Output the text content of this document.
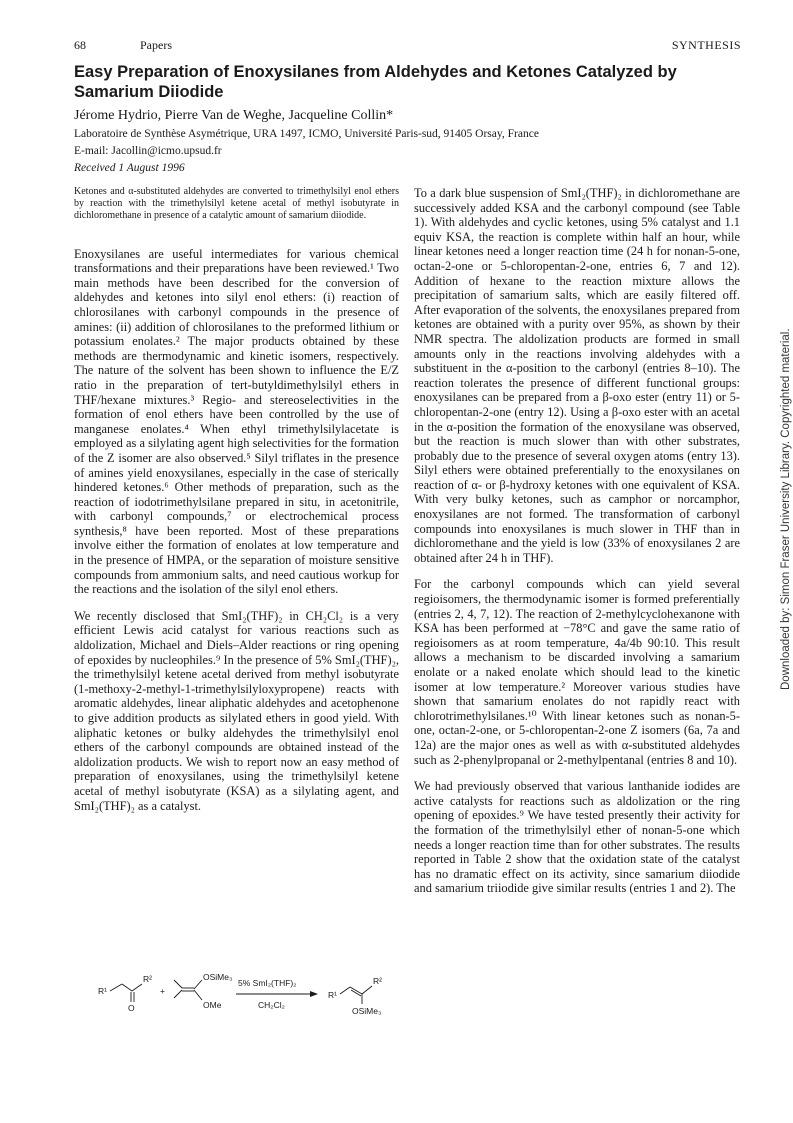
68	Papers	SYNTHESIS
Easy Preparation of Enoxysilanes from Aldehydes and Ketones Catalyzed by Samarium Diiodide
Jérome Hydrio, Pierre Van de Weghe, Jacqueline Collin*
Laboratoire de Synthèse Asymétrique, URA 1497, ICMO, Université Paris-sud, 91405 Orsay, France
E-mail: Jacollin@icmo.upsud.fr
Received 1 August 1996

Ketones and α-substituted aldehydes are converted to trimethylsilyl enol ethers by reaction with the trimethylsilyl ketene acetal of methyl isobutyrate in dichloromethane in presence of a catalytic amount of samarium diiodide.

Enoxysilanes are useful intermediates for various chemical transformations and their preparations have been reviewed.¹ Two main methods have been described for the conversion of aldehydes and ketones into silyl enol ethers: (i) reaction of chlorosilanes with carbonyl compounds in the presence of amines: (ii) addition of chlorosilanes to the preformed lithium or potassium enolates.² The major products obtained by these methods are thermodynamic and kinetic isomers, respectively. The nature of the solvent has been shown to influence the E/Z ratio in the preparation of tert-butyldimethylsilyl ethers in THF/hexane mixtures.³ Regio- and stereoselectivities in the formation of enol ethers have been controlled by the use of manganese enolates.⁴ When ethyl trimethylsilylacetate is employed as a silylating agent high selectivities for the formation of the Z isomer are also observed.⁵ Silyl triflates in the presence of amines yield enoxysilanes, especially in the case of sterically hindered ketones.⁶ Other methods of preparation, such as the reaction of iodotrimethylsilane prepared in situ, in acetonitrile, with carbonyl compounds,⁷ or electrochemical process synthesis,⁸ have been reported. Most of these preparations involve either the formation of enolates at low temperature and in the presence of HMPA, or the separation of moisture sensitive compounds from ammonium salts, and need cautious workup for the reactions and the isolation of the silyl enol ethers.

We recently disclosed that SmI₂(THF)₂ in CH₂Cl₂ is a very efficient Lewis acid catalyst for various reactions such as aldolization, Michael and Diels–Alder reactions or ring opening of epoxides by nucleophiles.⁹ In the presence of 5% SmI₂(THF)₂, the trimethylsilyl ketene acetal derived from methyl isobutyrate (1-methoxy-2-methyl-1-trimethylsilyloxypropene) reacts with aromatic aldehydes, linear aliphatic aldehydes and acetophenone to give addition products as silylated ethers in good yield. With aliphatic ketones or bulky aldehydes the trimethylsilyl enol ethers of the carbonyl compounds are obtained instead of the aldolization products. We wish to report now an easy method of preparation of enoxysilanes, using the trimethylsilyl ketene acetal of methyl isobutyrate (KSA) as a silylating agent, and SmI₂(THF)₂ as a catalyst.

To a dark blue suspension of SmI₂(THF)₂ in dichloromethane are successively added KSA and the carbonyl compound (see Table 1). With aldehydes and cyclic ketones, using 5% catalyst and 1.1 equiv KSA, the reaction is complete within half an hour, while linear ketones need a longer reaction time (24 h for nonan-5-one, octan-2-one or 5-chloropentan-2-one, entries 6, 7 and 12). Addition of hexane to the reaction mixture allows the precipitation of samarium salts, which are easily filtered off. After evaporation of the solvents, the enoxysilanes prepared from ketones are obtained with a purity over 95%, as shown by their NMR spectra. The aldolization products are formed in small amounts only in the reactions involving aldehydes with a substituent in the α-position to the carbonyl (entries 8–10). The reaction tolerates the presence of different functional groups: enoxysilanes can be prepared from a β-oxo ester (entry 11) or 5-chloropentan-2-one (entry 12). Using a β-oxo ester with an acetal in the α-position the formation of the enoxysilane was observed, but the reaction is much slower than with other substrates, probably due to the presence of several oxygen atoms (entry 13). Silyl ethers were obtained preferentially to the enoxysilanes on reaction of α- or β-hydroxy ketones with one equivalent of KSA. With very bulky ketones, such as camphor or norcamphor, enoxysilanes are not formed. The transformation of carbonyl compounds into enoxysilanes is much slower in THF than in dichloromethane and the yield is low (33% of enoxysilanes 2 are obtained after 24 h in THF).

For the carbonyl compounds which can yield several regioisomers, the thermodynamic isomer is formed preferentially (entries 2, 4, 7, 12). The reaction of 2-methylcyclohexanone with KSA has been performed at −78°C and gave the same ratio of regioisomers as at room temperature, 4a/4b 90:10. This result allows a mechanism to be discarded involving a samarium enolate or a naked enolate which should lead to the kinetic isomer at low temperature.² Moreover various studies have shown that samarium enolates do not rapidly react with chlorotrimethylsilanes.¹⁰ With linear ketones such as nonan-5-one, octan-2-one, or 5-chloropentan-2-one Z isomers (6a, 7a and 12a) are the major ones as well as with α-substituted aldehydes such as 2-phenylpropanal or 2-methylpentanal (entries 8 and 10).

We had previously observed that various lanthanide iodides are active catalysts for reactions such as aldolization or the ring opening of epoxides.⁹ We have tested presently their activity for the formation of the trimethylsilyl ether of nonan-5-one which needs a longer reaction time than for other substrates. The results reported in Table 2 show that the oxidation state of the catalyst has no dramatic effect on its activity, since samarium diiodide and samarium triiodide give similar results (entries 1 and 2). The

R¹
O
R²
+
OSiMe₃
OMe
5% SmI₂(THF)₂
CH₂Cl₂
R¹
R²
OSiMe₃
Downloaded by: Simon Fraser University Library. Copyrighted material.
